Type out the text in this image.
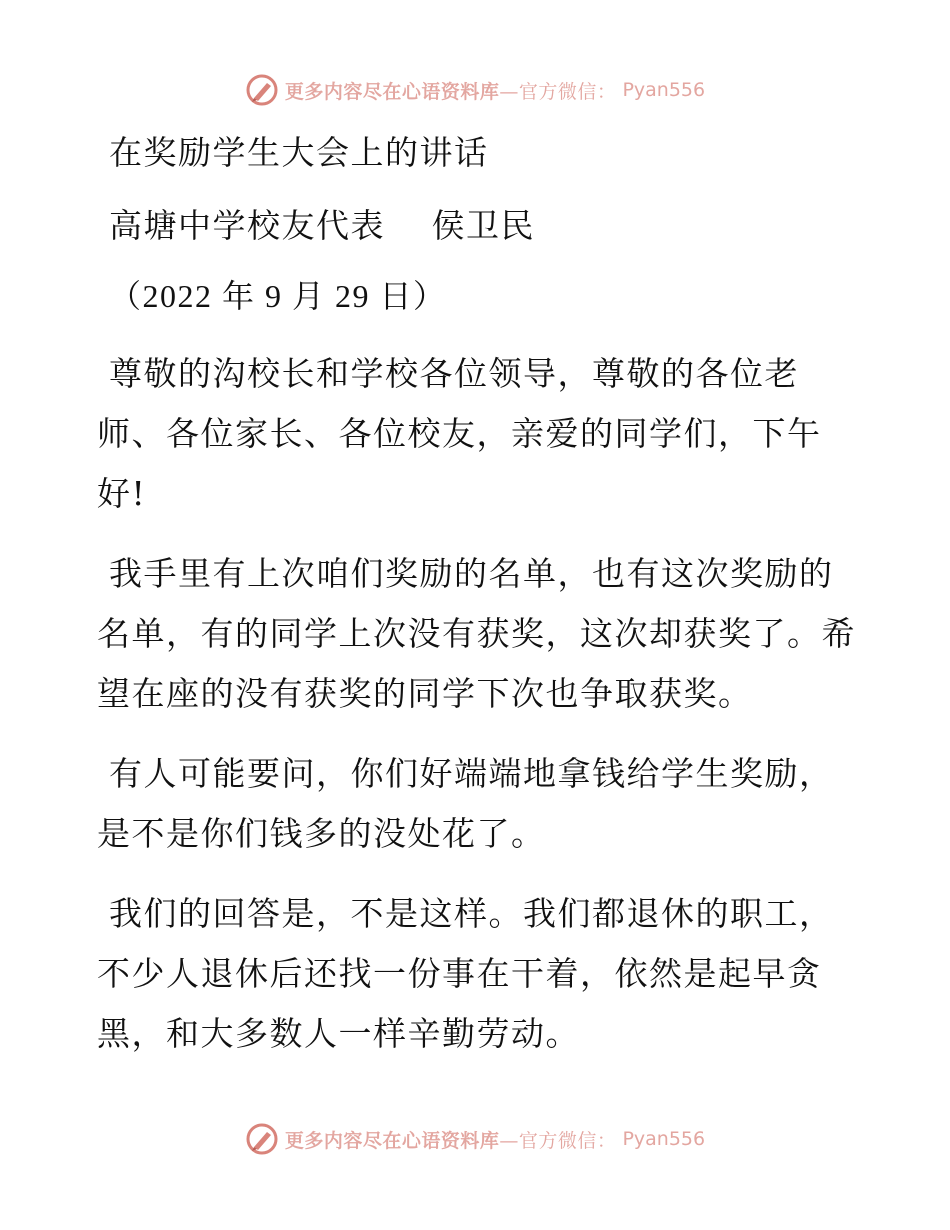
更多内容尽在心语资料库—官方微信： Pyan556

在奖励学生大会上的讲话

高塘中学校友代表　 侯卫民

（2022 年 9 月 29 日）

尊敬的沟校长和学校各位领导，尊敬的各位老

师、各位家长、各位校友，亲爱的同学们，下午

好!

我手里有上次咱们奖励的名单，也有这次奖励的

名单，有的同学上次没有获奖，这次却获奖了。希

望在座的没有获奖的同学下次也争取获奖。

有人可能要问，你们好端端地拿钱给学生奖励，

是不是你们钱多的没处花了。

我们的回答是，不是这样。我们都退休的职工，

不少人退休后还找一份事在干着，依然是起早贪

黑，和大多数人一样辛勤劳动。

更多内容尽在心语资料库—官方微信： Pyan556
